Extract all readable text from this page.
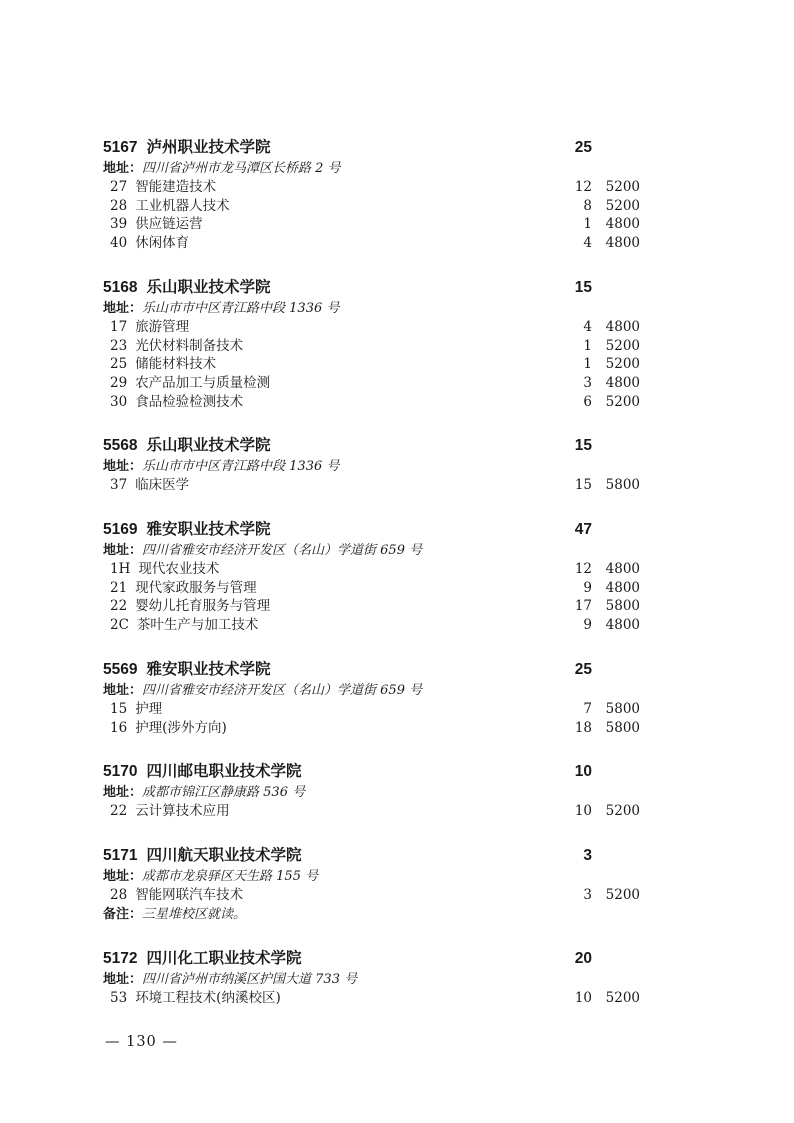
5167 泸州职业技术学院	25
地址：四川省泸州市龙马潭区长桥路 2 号
27 智能建造技术	12	5200
28 工业机器人技术	8	5200
39 供应链运营	1	4800
40 休闲体育	4	4800
5168 乐山职业技术学院	15
地址：乐山市市中区青江路中段 1336 号
17 旅游管理	4	4800
23 光伏材料制备技术	1	5200
25 储能材料技术	1	5200
29 农产品加工与质量检测	3	4800
30 食品检验检测技术	6	5200
5568 乐山职业技术学院	15
地址：乐山市市中区青江路中段 1336 号
37 临床医学	15	5800
5169 雅安职业技术学院	47
地址：四川省雅安市经济开发区（名山）学道街 659 号
1H 现代农业技术	12	4800
21 现代家政服务与管理	9	4800
22 婴幼儿托育服务与管理	17	5800
2C 茶叶生产与加工技术	9	4800
5569 雅安职业技术学院	25
地址：四川省雅安市经济开发区（名山）学道街 659 号
15 护理	7	5800
16 护理(涉外方向)	18	5800
5170 四川邮电职业技术学院	10
地址：成都市锦江区静康路 536 号
22 云计算技术应用	10	5200
5171 四川航天职业技术学院	3
地址：成都市龙泉驿区天生路 155 号
28 智能网联汽车技术	3	5200
备注：三星堆校区就读。
5172 四川化工职业技术学院	20
地址：四川省泸州市纳溪区护国大道 733 号
53 环境工程技术(纳溪校区)	10	5200
— 130 —
